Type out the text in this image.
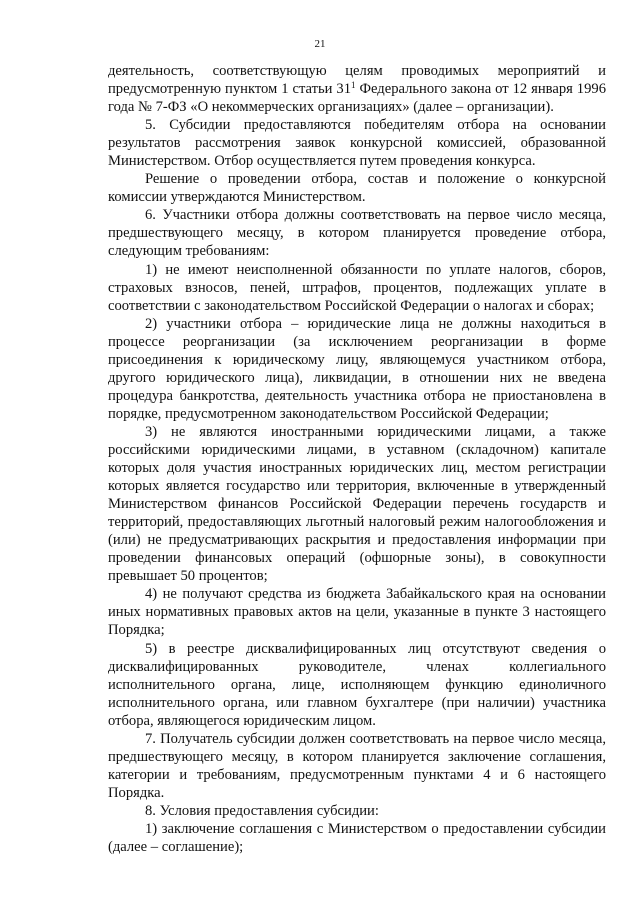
21

деятельность, соответствующую целям проводимых мероприятий и предусмотренную пунктом 1 статьи $31^1$ Федерального закона от 12 января 1996 года № 7-ФЗ «О некоммерческих организациях» (далее – организации).

5. Субсидии предоставляются победителям отбора на основании результатов рассмотрения заявок конкурсной комиссией, образованной Министерством. Отбор осуществляется путем проведения конкурса.

Решение о проведении отбора, состав и положение о конкурсной комиссии утверждаются Министерством.

6. Участники отбора должны соответствовать на первое число месяца, предшествующего месяцу, в котором планируется проведение отбора, следующим требованиям:

1) не имеют неисполненной обязанности по уплате налогов, сборов, страховых взносов, пеней, штрафов, процентов, подлежащих уплате в соответствии с законодательством Российской Федерации о налогах и сборах;

2) участники отбора – юридические лица не должны находиться в процессе реорганизации (за исключением реорганизации в форме присоединения к юридическому лицу, являющемуся участником отбора, другого юридического лица), ликвидации, в отношении них не введена процедура банкротства, деятельность участника отбора не приостановлена в порядке, предусмотренном законодательством Российской Федерации;

3) не являются иностранными юридическими лицами, а также российскими юридическими лицами, в уставном (складочном) капитале которых доля участия иностранных юридических лиц, местом регистрации которых является государство или территория, включенные в утвержденный Министерством финансов Российской Федерации перечень государств и территорий, предоставляющих льготный налоговый режим налогообложения и (или) не предусматривающих раскрытия и предоставления информации при проведении финансовых операций (офшорные зоны), в совокупности превышает 50 процентов;

4) не получают средства из бюджета Забайкальского края на основании иных нормативных правовых актов на цели, указанные в пункте 3 настоящего Порядка;

5) в реестре дисквалифицированных лиц отсутствуют сведения о дисквалифицированных руководителе, членах коллегиального исполнительного органа, лице, исполняющем функцию единоличного исполнительного органа, или главном бухгалтере (при наличии) участника отбора, являющегося юридическим лицом.

7. Получатель субсидии должен соответствовать на первое число месяца, предшествующего месяцу, в котором планируется заключение соглашения, категории и требованиям, предусмотренным пунктами 4 и 6 настоящего Порядка.

8. Условия предоставления субсидии:

1) заключение соглашения с Министерством о предоставлении субсидии (далее – соглашение);
